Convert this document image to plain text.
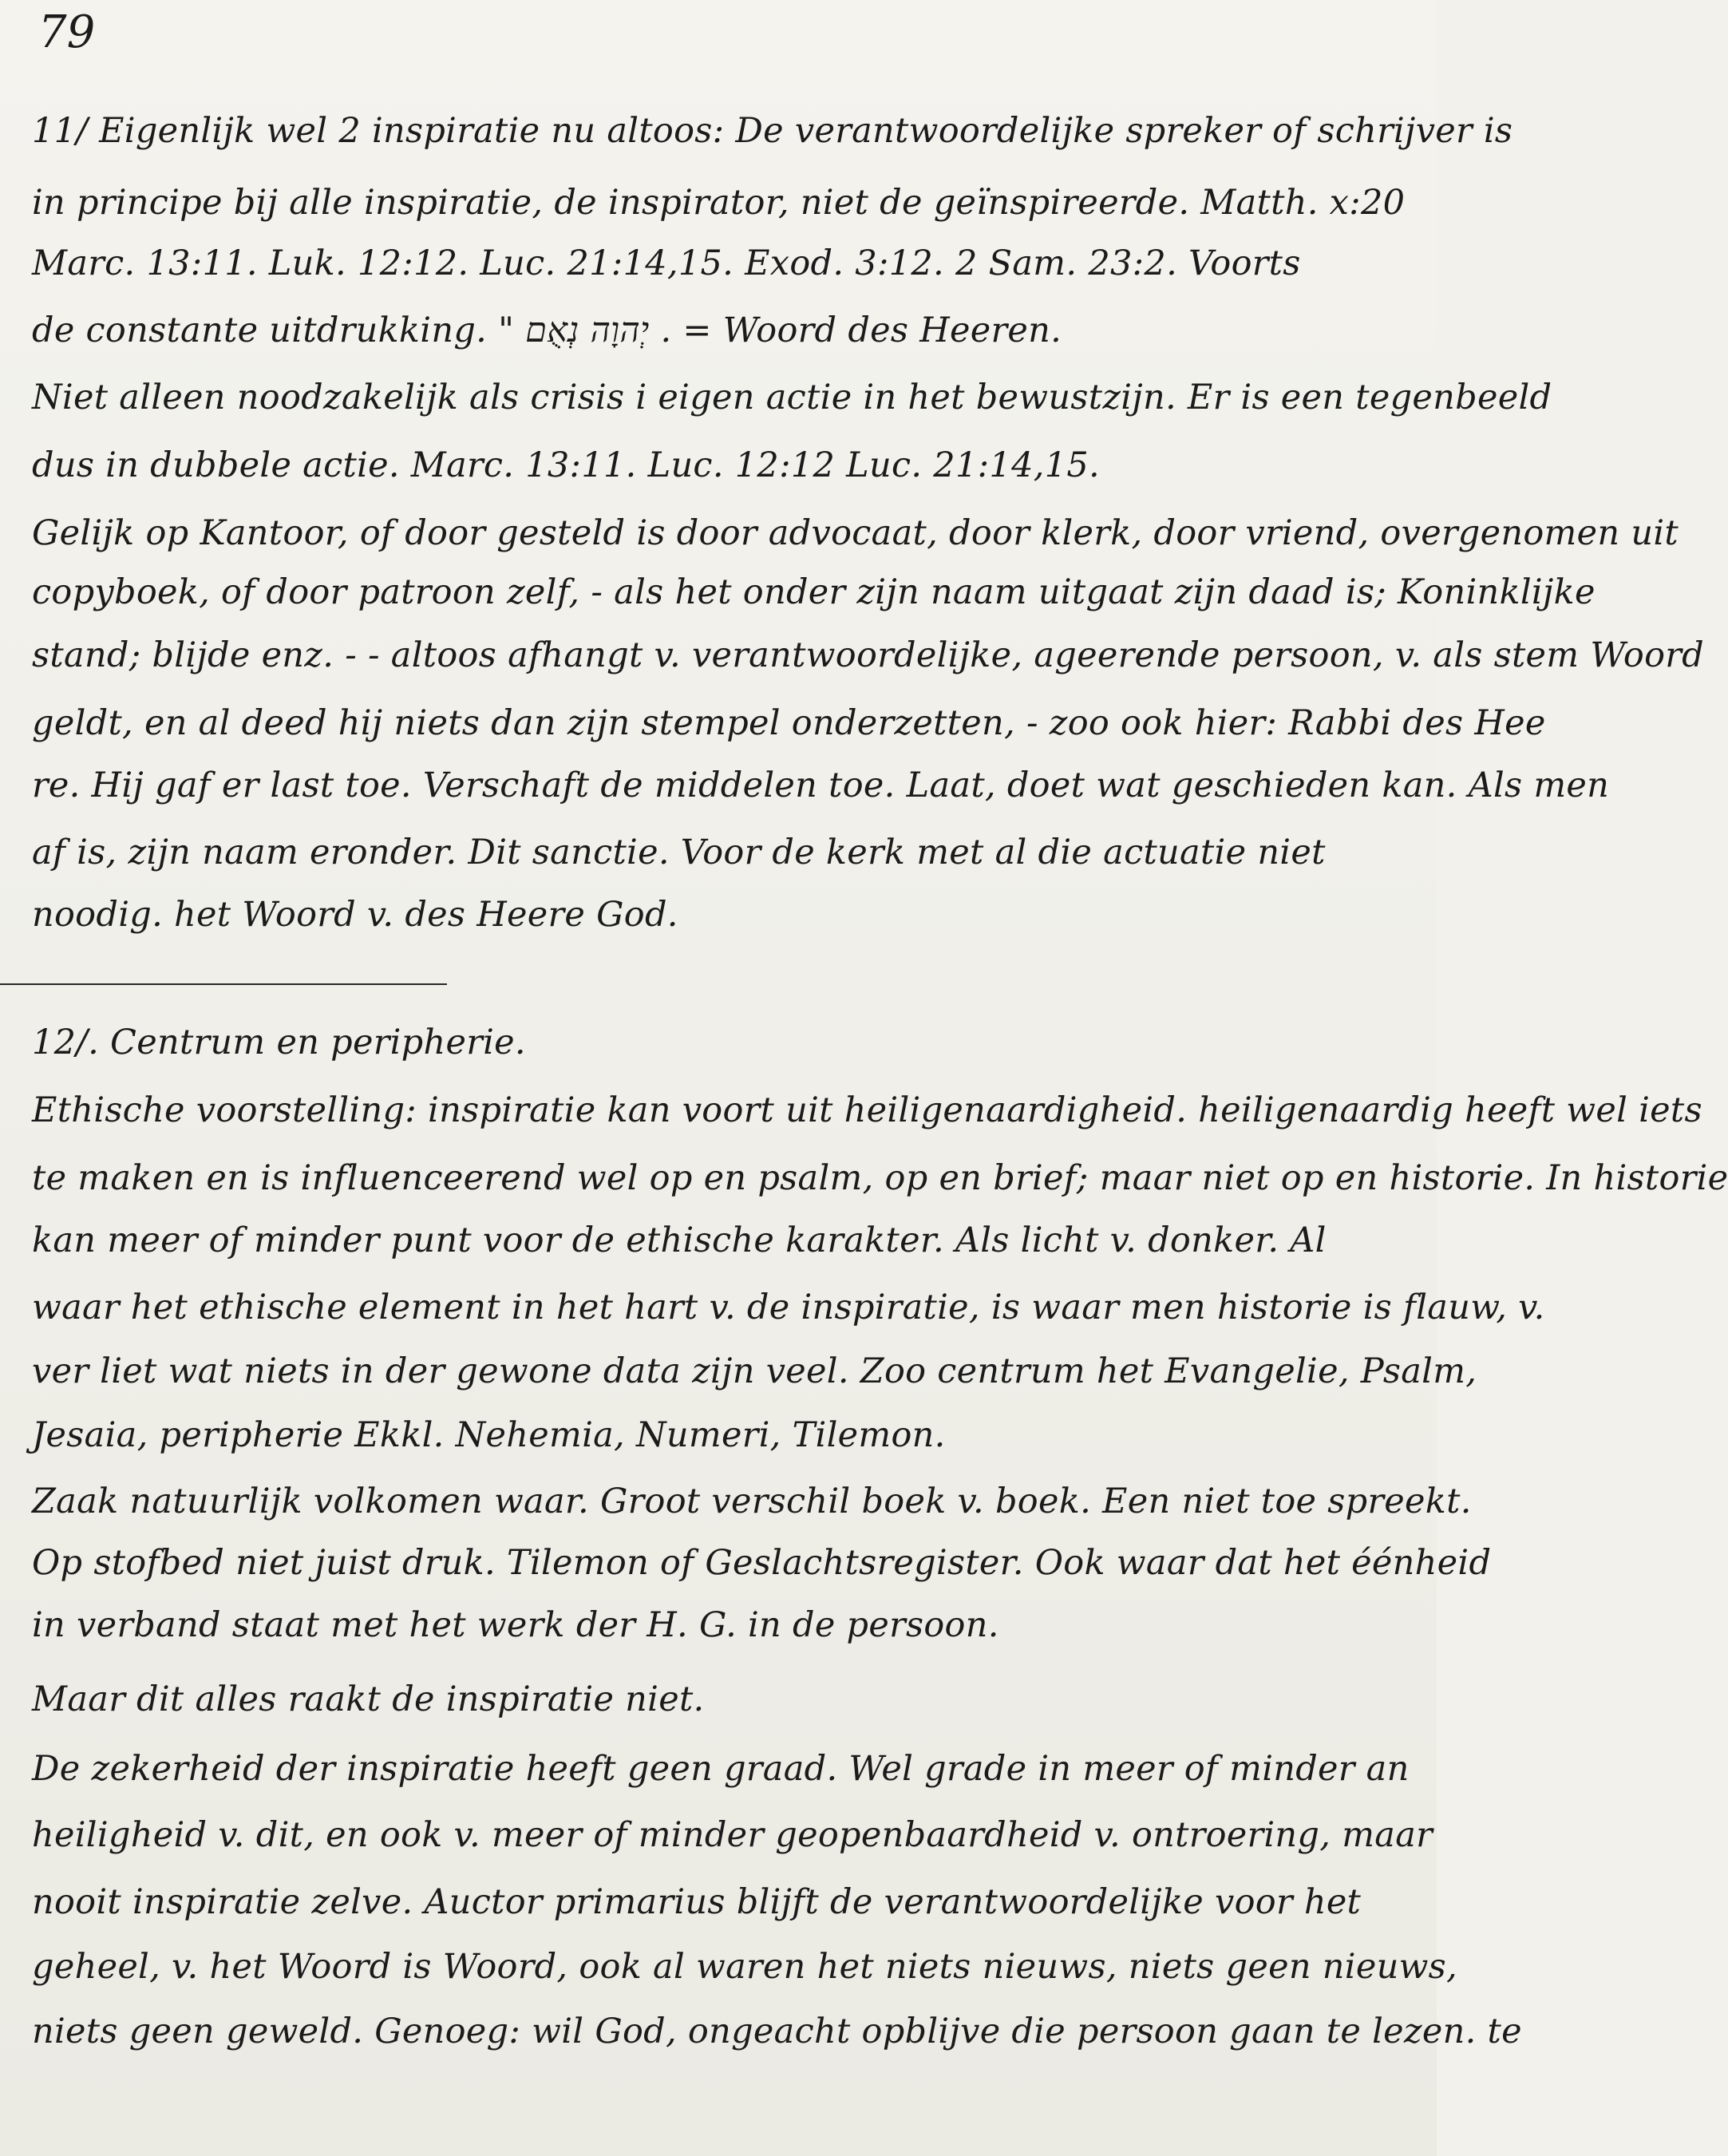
79
11/ Eigenlijk wel 2 inspiratie nu altoos: De verantwoordelijke spreker of schrijver is
in principe bij alle inspiratie, de inspirator, niet de geïnspireerde. Matth. x:20
Marc. 13:11. Luk. 12:12. Luc. 21:14,15. Exod. 3:12. 2 Sam. 23:2. Voorts
de constante uitdrukking. " יְהוָה נְאֻם . = Woord des Heeren.
Niet alleen noodzakelijk als crisis i eigen actie in het bewustzijn. Er is een tegenbeeld
dus in dubbele actie. Marc. 13:11. Luc. 12:12 Luc. 21:14,15.
Gelijk op Kantoor, of door gesteld is door advocaat, door klerk, door vriend, overgenomen uit
copyboek, of door patroon zelf, - als het onder zijn naam uitgaat zijn daad is; Koninklijke
stand; blijde enz. - - altoos afhangt v. verantwoordelijke, ageerende persoon, v. als stem Woord
geldt, en al deed hij niets dan zijn stempel onderzetten, - zoo ook hier: Rabbi des Hee
re. Hij gaf er last toe. Verschaft de middelen toe. Laat, doet wat geschieden kan. Als men
af is, zijn naam eronder. Dit sanctie. Voor de kerk met al die actuatie niet
noodig. het Woord v. des Heere God.
12/. Centrum en peripherie.
Ethische voorstelling: inspiratie kan voort uit heiligenaardigheid. heiligenaardig heeft wel iets
te maken en is influenceerend wel op en psalm, op en brief; maar niet op en historie. In historie
kan meer of minder punt voor de ethische karakter. Als licht v. donker. Al
waar het ethische element in het hart v. de inspiratie, is waar men historie is flauw, v.
ver liet wat niets in der gewone data zijn veel. Zoo centrum het Evangelie, Psalm,
Jesaia, peripherie Ekkl. Nehemia, Numeri, Tilemon.
Zaak natuurlijk volkomen waar. Groot verschil boek v. boek. Een niet toe spreekt.
Op stofbed niet juist druk. Tilemon of Geslachtsregister. Ook waar dat het éénheid
in verband staat met het werk der H. G. in de persoon.
Maar dit alles raakt de inspiratie niet.
De zekerheid der inspiratie heeft geen graad. Wel grade in meer of minder an
heiligheid v. dit, en ook v. meer of minder geopenbaardheid v. ontroering, maar
nooit inspiratie zelve. Auctor primarius blijft de verantwoordelijke voor het
geheel, v. het Woord is Woord, ook al waren het niets nieuws, niets geen nieuws,
niets geen geweld. Genoeg: wil God, ongeacht opblijve die persoon gaan te lezen. te
